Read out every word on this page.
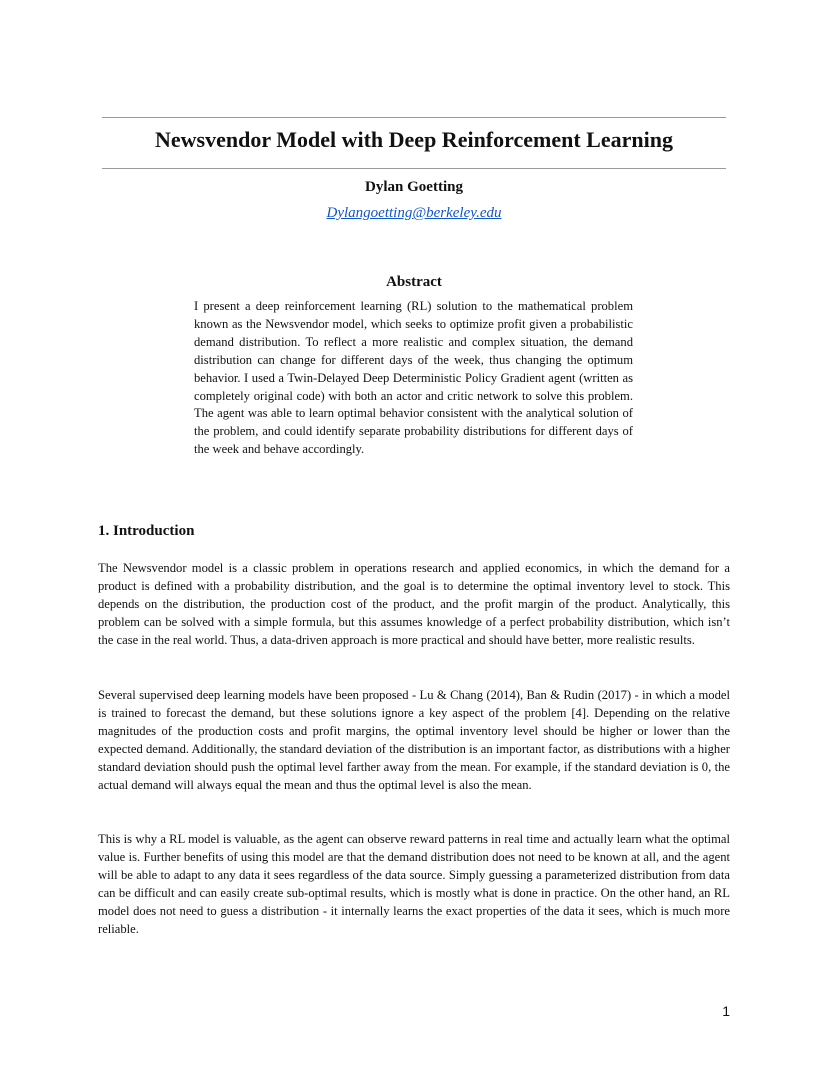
Newsvendor Model with Deep Reinforcement Learning
Dylan Goetting
Dylangoetting@berkeley.edu
Abstract

I present a deep reinforcement learning (RL) solution to the mathematical problem known as the Newsvendor model, which seeks to optimize profit given a probabilistic demand distribution. To reflect a more realistic and complex situation, the demand distribution can change for different days of the week, thus changing the optimum behavior. I used a Twin-Delayed Deep Deterministic Policy Gradient agent (written as completely original code) with both an actor and critic network to solve this problem. The agent was able to learn optimal behavior consistent with the analytical solution of the problem, and could identify separate probability distributions for different days of the week and behave accordingly.

1. Introduction

The Newsvendor model is a classic problem in operations research and applied economics, in which the demand for a product is defined with a probability distribution, and the goal is to determine the optimal inventory level to stock. This depends on the distribution, the production cost of the product, and the profit margin of the product. Analytically, this problem can be solved with a simple formula, but this assumes knowledge of a perfect probability distribution, which isn’t the case in the real world. Thus, a data-driven approach is more practical and should have better, more realistic results.

Several supervised deep learning models have been proposed - Lu & Chang (2014), Ban & Rudin (2017) - in which a model is trained to forecast the demand, but these solutions ignore a key aspect of the problem [4]. Depending on the relative magnitudes of the production costs and profit margins, the optimal inventory level should be higher or lower than the expected demand. Additionally, the standard deviation of the distribution is an important factor, as distributions with a higher standard deviation should push the optimal level farther away from the mean. For example, if the standard deviation is 0, the actual demand will always equal the mean and thus the optimal level is also the mean.

This is why a RL model is valuable, as the agent can observe reward patterns in real time and actually learn what the optimal value is. Further benefits of using this model are that the demand distribution does not need to be known at all, and the agent will be able to adapt to any data it sees regardless of the data source. Simply guessing a parameterized distribution from data can be difficult and can easily create sub-optimal results, which is mostly what is done in practice. On the other hand, an RL model does not need to guess a distribution - it internally learns the exact properties of the data it sees, which is much more reliable.

1
